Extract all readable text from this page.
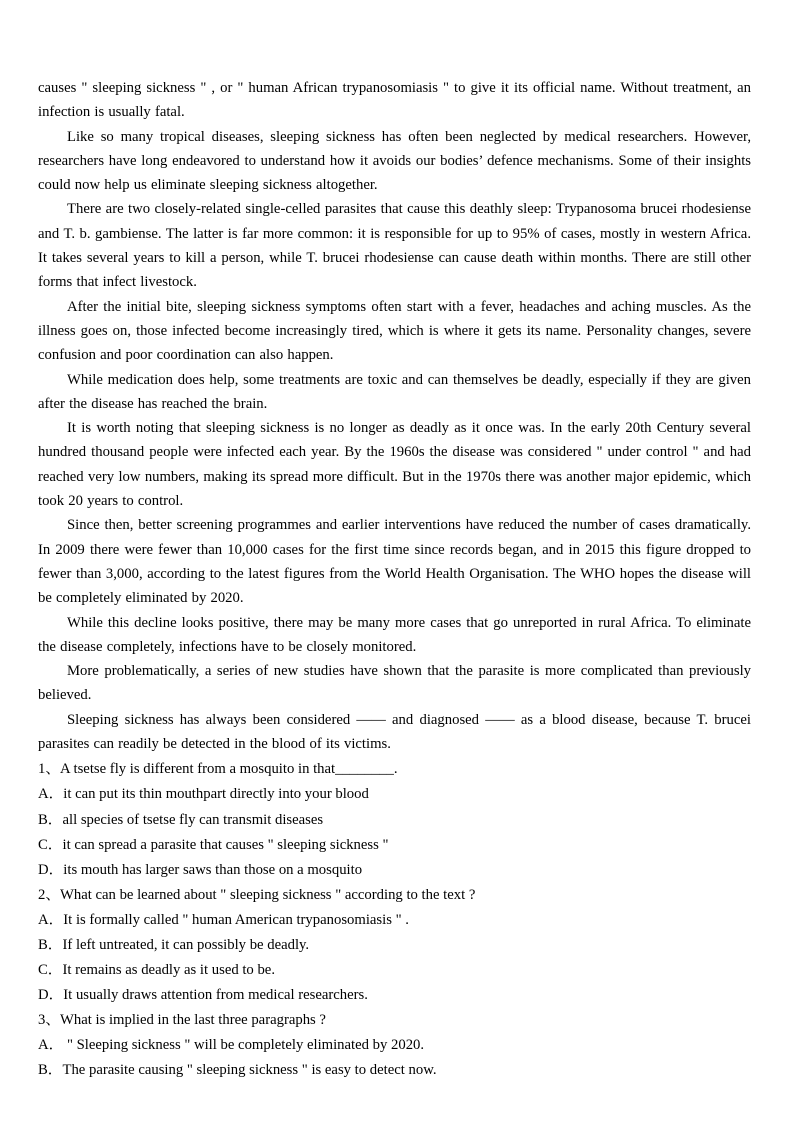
causes " sleeping sickness " , or " human African trypanosomiasis " to give it its official name. Without treatment, an infection is usually fatal.

Like so many tropical diseases, sleeping sickness has often been neglected by medical researchers. However, researchers have long endeavored to understand how it avoids our bodies’ defence mechanisms. Some of their insights could now help us eliminate sleeping sickness altogether.

There are two closely-related single-celled parasites that cause this deathly sleep: Trypanosoma brucei rhodesiense and T. b. gambiense. The latter is far more common: it is responsible for up to 95% of cases, mostly in western Africa. It takes several years to kill a person, while T. brucei rhodesiense can cause death within months. There are still other forms that infect livestock.

After the initial bite, sleeping sickness symptoms often start with a fever, headaches and aching muscles. As the illness goes on, those infected become increasingly tired, which is where it gets its name. Personality changes, severe confusion and poor coordination can also happen.

While medication does help, some treatments are toxic and can themselves be deadly, especially if they are given after the disease has reached the brain.

It is worth noting that sleeping sickness is no longer as deadly as it once was. In the early 20th Century several hundred thousand people were infected each year. By the 1960s the disease was considered " under control " and had reached very low numbers, making its spread more difficult. But in the 1970s there was another major epidemic, which took 20 years to control.

Since then, better screening programmes and earlier interventions have reduced the number of cases dramatically. In 2009 there were fewer than 10,000 cases for the first time since records began, and in 2015 this figure dropped to fewer than 3,000, according to the latest figures from the World Health Organisation. The WHO hopes the disease will be completely eliminated by 2020.

While this decline looks positive, there may be many more cases that go unreported in rural Africa. To eliminate the disease completely, infections have to be closely monitored.

More problematically, a series of new studies have shown that the parasite is more complicated than previously believed.

Sleeping sickness has always been considered —— and diagnosed —— as a blood disease, because T. brucei parasites can readily be detected in the blood of its victims.

1、A tsetse fly is different from a mosquito in that________.

A．it can put its thin mouthpart directly into your blood

B．all species of tsetse fly can transmit diseases

C．it can spread a parasite that causes " sleeping sickness "

D．its mouth has larger saws than those on a mosquito

2、What can be learned about " sleeping sickness " according to the text ?

A．It is formally called " human American trypanosomiasis " .

B．If left untreated, it can possibly be deadly.

C．It remains as deadly as it used to be.

D．It usually draws attention from medical researchers.

3、What is implied in the last three paragraphs ?

A． " Sleeping sickness " will be completely eliminated by 2020.

B．The parasite causing " sleeping sickness " is easy to detect now.
